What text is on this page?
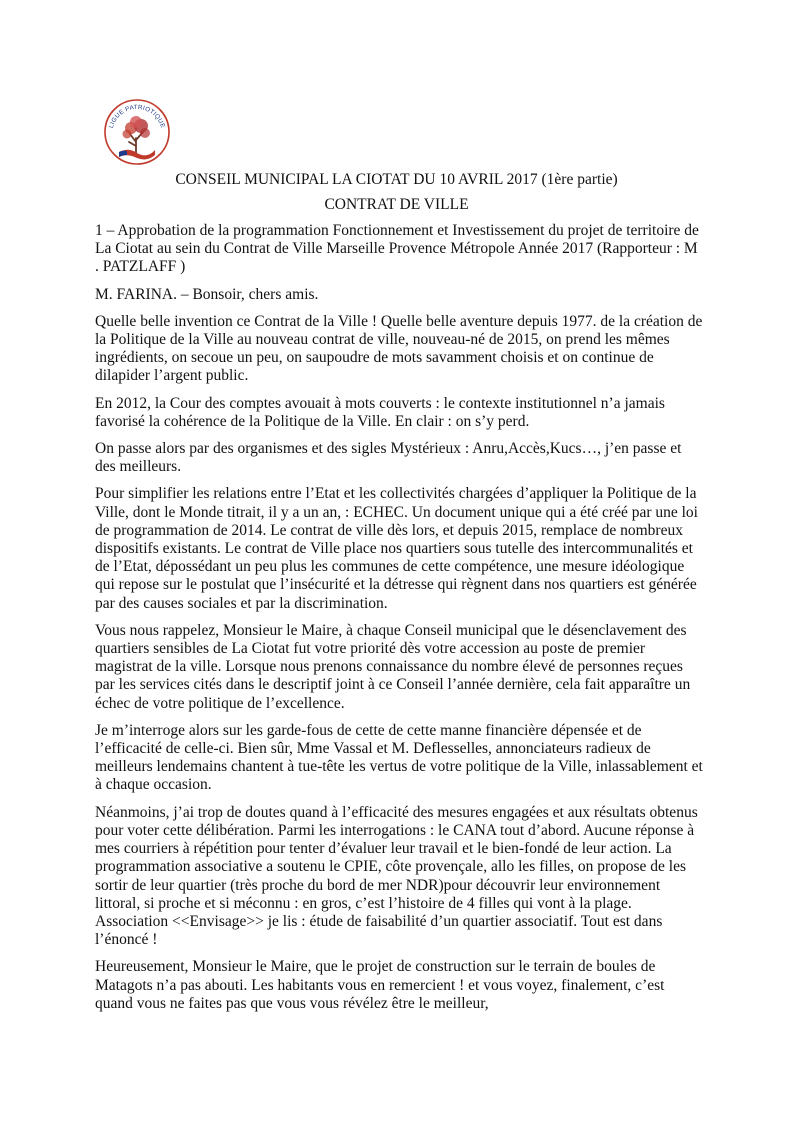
LIGUE PATRIOTIQUE

CONSEIL MUNICIPAL LA CIOTAT DU 10 AVRIL 2017 (1ère partie)

CONTRAT DE VILLE

1 – Approbation de la programmation Fonctionnement et Investissement du projet de territoire de La Ciotat au sein du Contrat de Ville Marseille Provence Métropole Année 2017 (Rapporteur : M . PATZLAFF )

M. FARINA. – Bonsoir, chers amis.

Quelle belle invention ce Contrat de la Ville ! Quelle belle aventure depuis 1977. de la création de la Politique de la Ville au nouveau contrat de ville, nouveau-né de 2015, on prend les mêmes ingrédients, on secoue un peu, on saupoudre de mots savamment choisis et on continue de dilapider l’argent public.

En 2012, la Cour des comptes avouait à mots couverts : le contexte institutionnel n’a jamais favorisé la cohérence de la Politique de la Ville. En clair : on s’y perd.

On passe alors par des organismes et des sigles Mystérieux : Anru,Accès,Kucs…, j’en passe et des meilleurs.

Pour simplifier les relations entre l’Etat et les collectivités chargées d’appliquer la Politique de la Ville, dont le Monde titrait, il y a un an, : ECHEC. Un document unique qui a été créé par une loi de programmation de 2014. Le contrat de ville dès lors, et depuis 2015, remplace de nombreux dispositifs existants. Le contrat de Ville place nos quartiers sous tutelle des intercommunalités et de l’Etat, dépossédant un peu plus les communes de cette compétence, une mesure idéologique qui repose sur le postulat que l’insécurité et la détresse qui règnent dans nos quartiers est générée par des causes sociales et par la discrimination.

Vous nous rappelez, Monsieur le Maire, à chaque Conseil municipal que le désenclavement des quartiers sensibles de La Ciotat fut votre priorité dès votre accession au poste de premier magistrat de la ville. Lorsque nous prenons connaissance du nombre élevé de personnes reçues par les services cités dans le descriptif joint à ce Conseil l’année dernière, cela fait apparaître un échec de votre politique de l’excellence.

Je m’interroge alors sur les garde-fous de cette de cette manne financière dépensée et de l’efficacité de celle-ci. Bien sûr, Mme Vassal et M. Deflesselles, annonciateurs radieux de meilleurs lendemains chantent à tue-tête les vertus de votre politique de la Ville, inlassablement et à chaque occasion.

Néanmoins, j’ai trop de doutes quand à l’efficacité des mesures engagées et aux résultats obtenus pour voter cette délibération. Parmi les interrogations : le CANA tout d’abord. Aucune réponse à mes courriers à répétition pour tenter d’évaluer leur travail et le bien-fondé de leur action. La programmation associative a soutenu le CPIE, côte provençale, allo les filles, on propose de les sortir de leur quartier (très proche du bord de mer NDR)pour découvrir leur environnement littoral, si proche et si méconnu : en gros, c’est l’histoire de 4 filles qui vont à la plage. Association <<Envisage>> je lis : étude de faisabilité d’un quartier associatif. Tout est dans l’énoncé !

Heureusement, Monsieur le Maire, que le projet de construction sur le terrain de boules de Matagots n’a pas abouti. Les habitants vous en remercient ! et vous voyez, finalement, c’est quand vous ne faites pas que vous vous révélez être le meilleur,
